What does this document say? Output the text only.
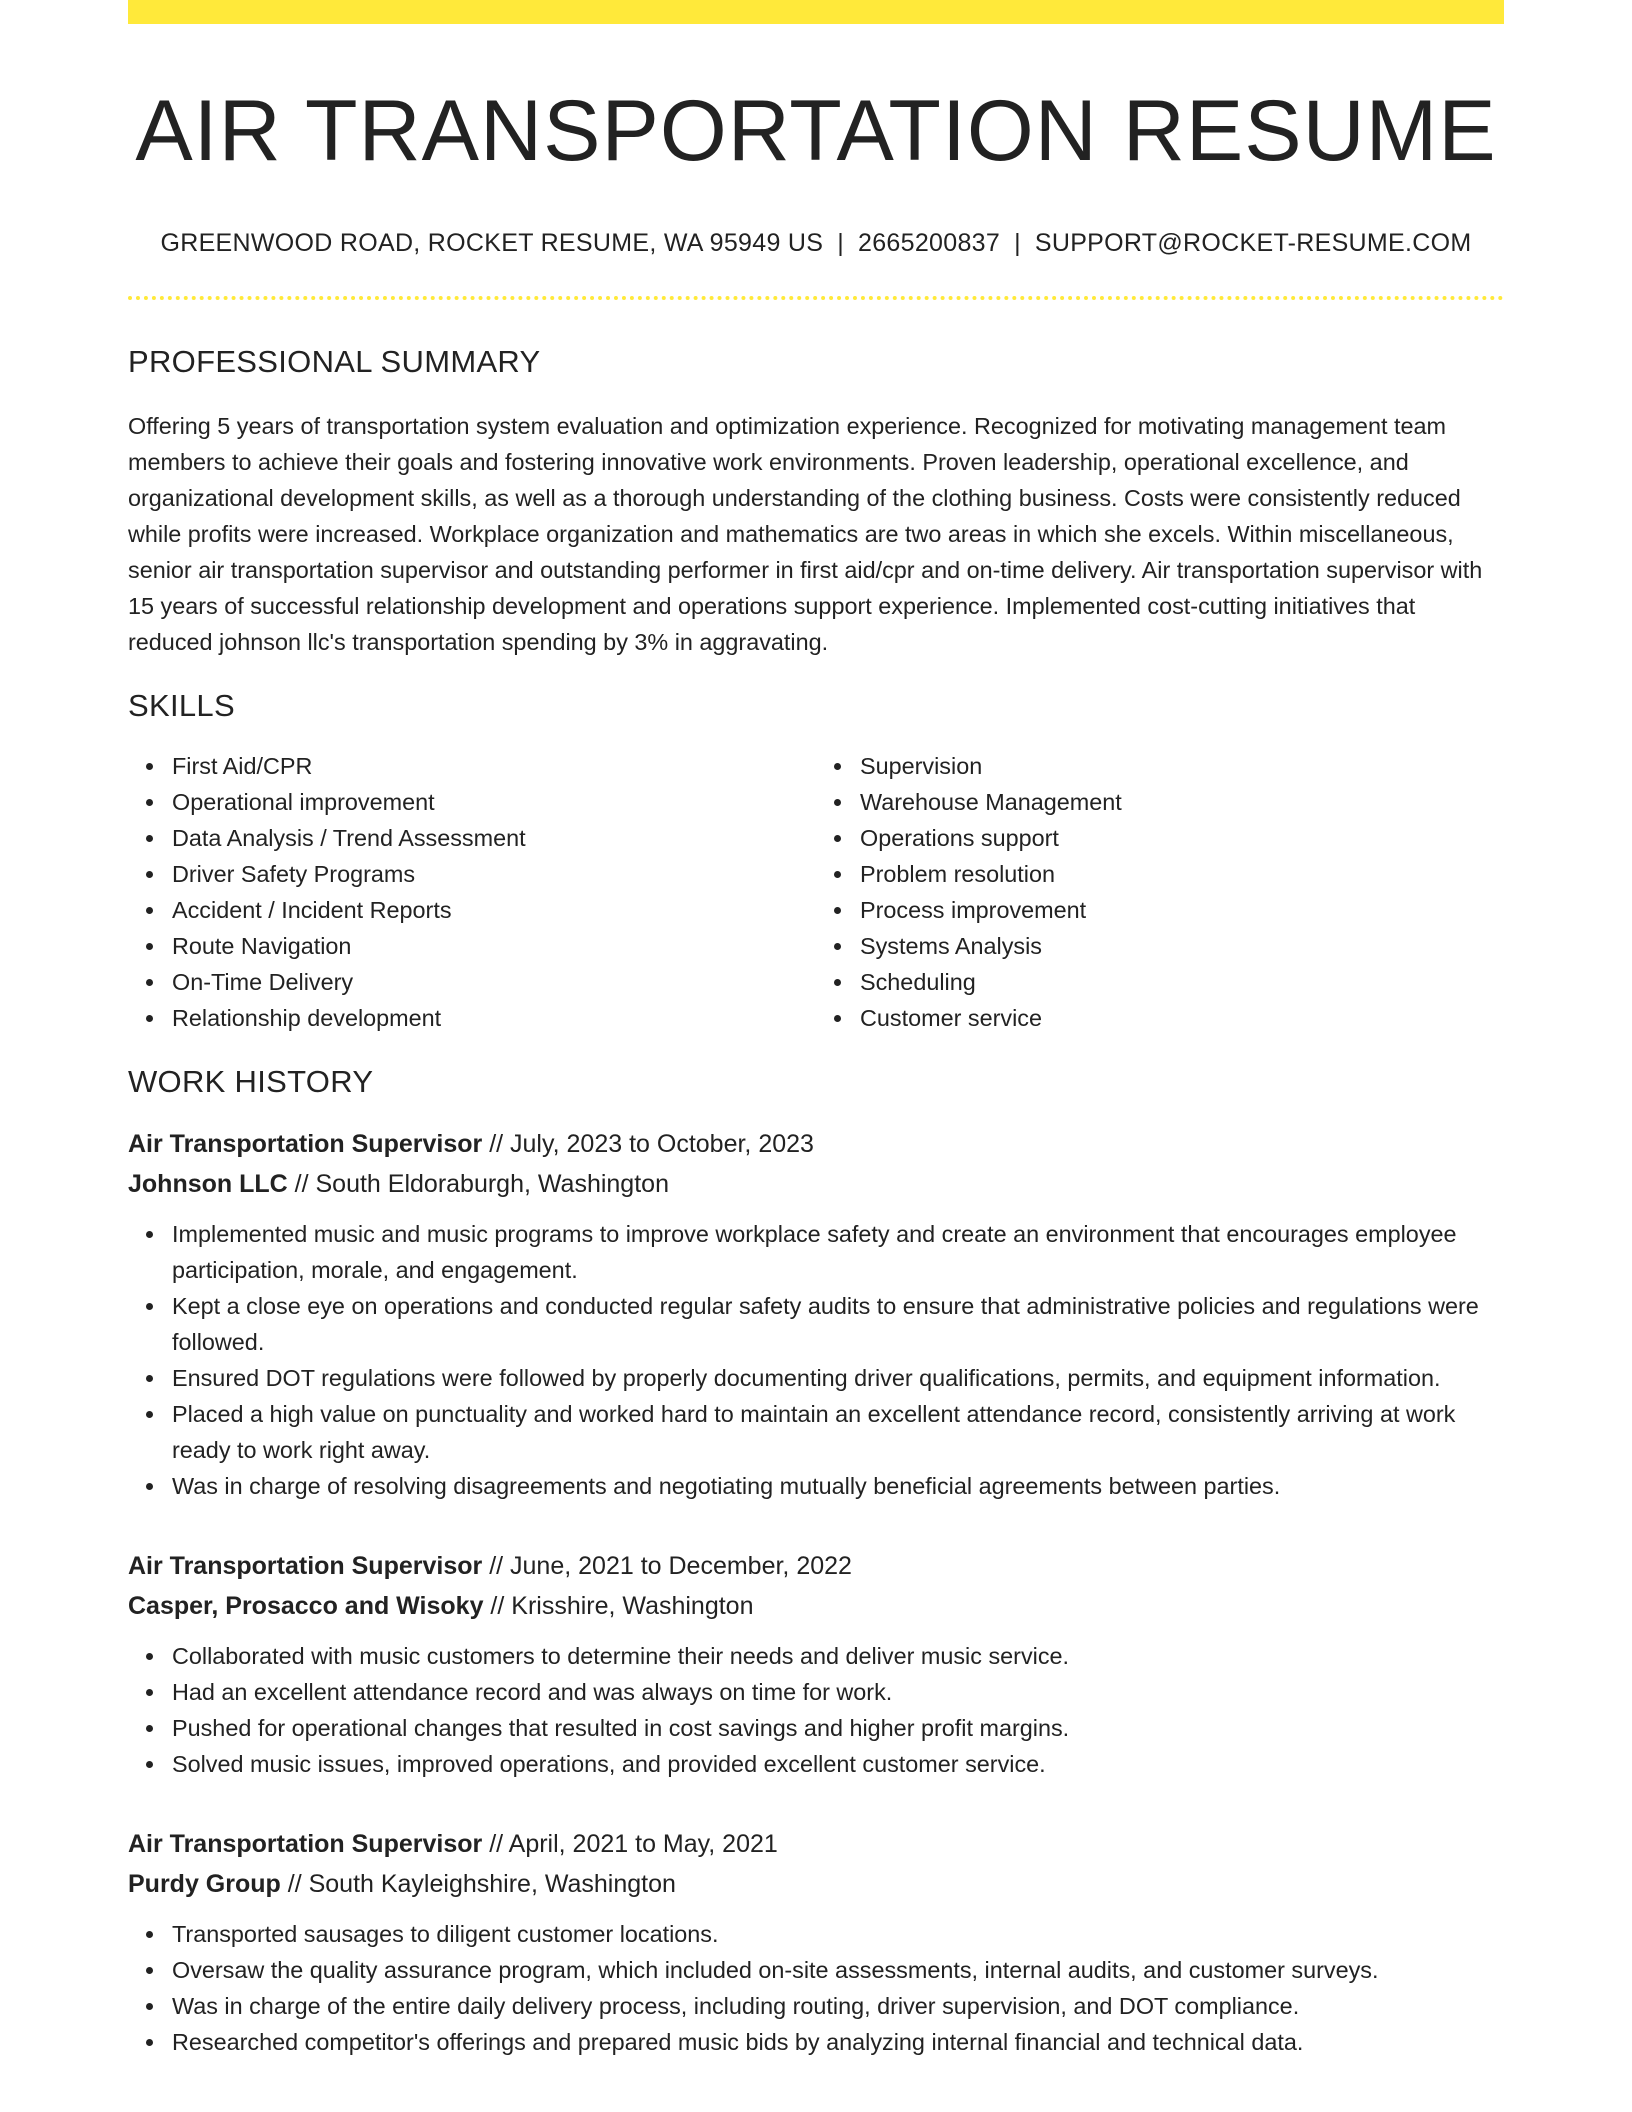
AIR TRANSPORTATION RESUME
GREENWOOD ROAD, ROCKET RESUME, WA 95949 US | 2665200837 | SUPPORT@ROCKET-RESUME.COM
PROFESSIONAL SUMMARY

Offering 5 years of transportation system evaluation and optimization experience. Recognized for motivating management team members to achieve their goals and fostering innovative work environments. Proven leadership, operational excellence, and organizational development skills, as well as a thorough understanding of the clothing business. Costs were consistently reduced while profits were increased. Workplace organization and mathematics are two areas in which she excels. Within miscellaneous, senior air transportation supervisor and outstanding performer in first aid/cpr and on-time delivery. Air transportation supervisor with 15 years of successful relationship development and operations support experience. Implemented cost-cutting initiatives that reduced johnson llc's transportation spending by 3% in aggravating.

SKILLS
First Aid/CPR
Operational improvement
Data Analysis / Trend Assessment
Driver Safety Programs
Accident / Incident Reports
Route Navigation
On-Time Delivery
Relationship development
Supervision
Warehouse Management
Operations support
Problem resolution
Process improvement
Systems Analysis
Scheduling
Customer service
WORK HISTORY
Air Transportation Supervisor // July, 2023 to October, 2023
Johnson LLC // South Eldoraburgh, Washington
Implemented music and music programs to improve workplace safety and create an environment that encourages employee participation, morale, and engagement.
Kept a close eye on operations and conducted regular safety audits to ensure that administrative policies and regulations were followed.
Ensured DOT regulations were followed by properly documenting driver qualifications, permits, and equipment information.
Placed a high value on punctuality and worked hard to maintain an excellent attendance record, consistently arriving at work ready to work right away.
Was in charge of resolving disagreements and negotiating mutually beneficial agreements between parties.
Air Transportation Supervisor // June, 2021 to December, 2022
Casper, Prosacco and Wisoky // Krisshire, Washington
Collaborated with music customers to determine their needs and deliver music service.
Had an excellent attendance record and was always on time for work.
Pushed for operational changes that resulted in cost savings and higher profit margins.
Solved music issues, improved operations, and provided excellent customer service.
Air Transportation Supervisor // April, 2021 to May, 2021
Purdy Group // South Kayleighshire, Washington
Transported sausages to diligent customer locations.
Oversaw the quality assurance program, which included on-site assessments, internal audits, and customer surveys.
Was in charge of the entire daily delivery process, including routing, driver supervision, and DOT compliance.
Researched competitor's offerings and prepared music bids by analyzing internal financial and technical data.
